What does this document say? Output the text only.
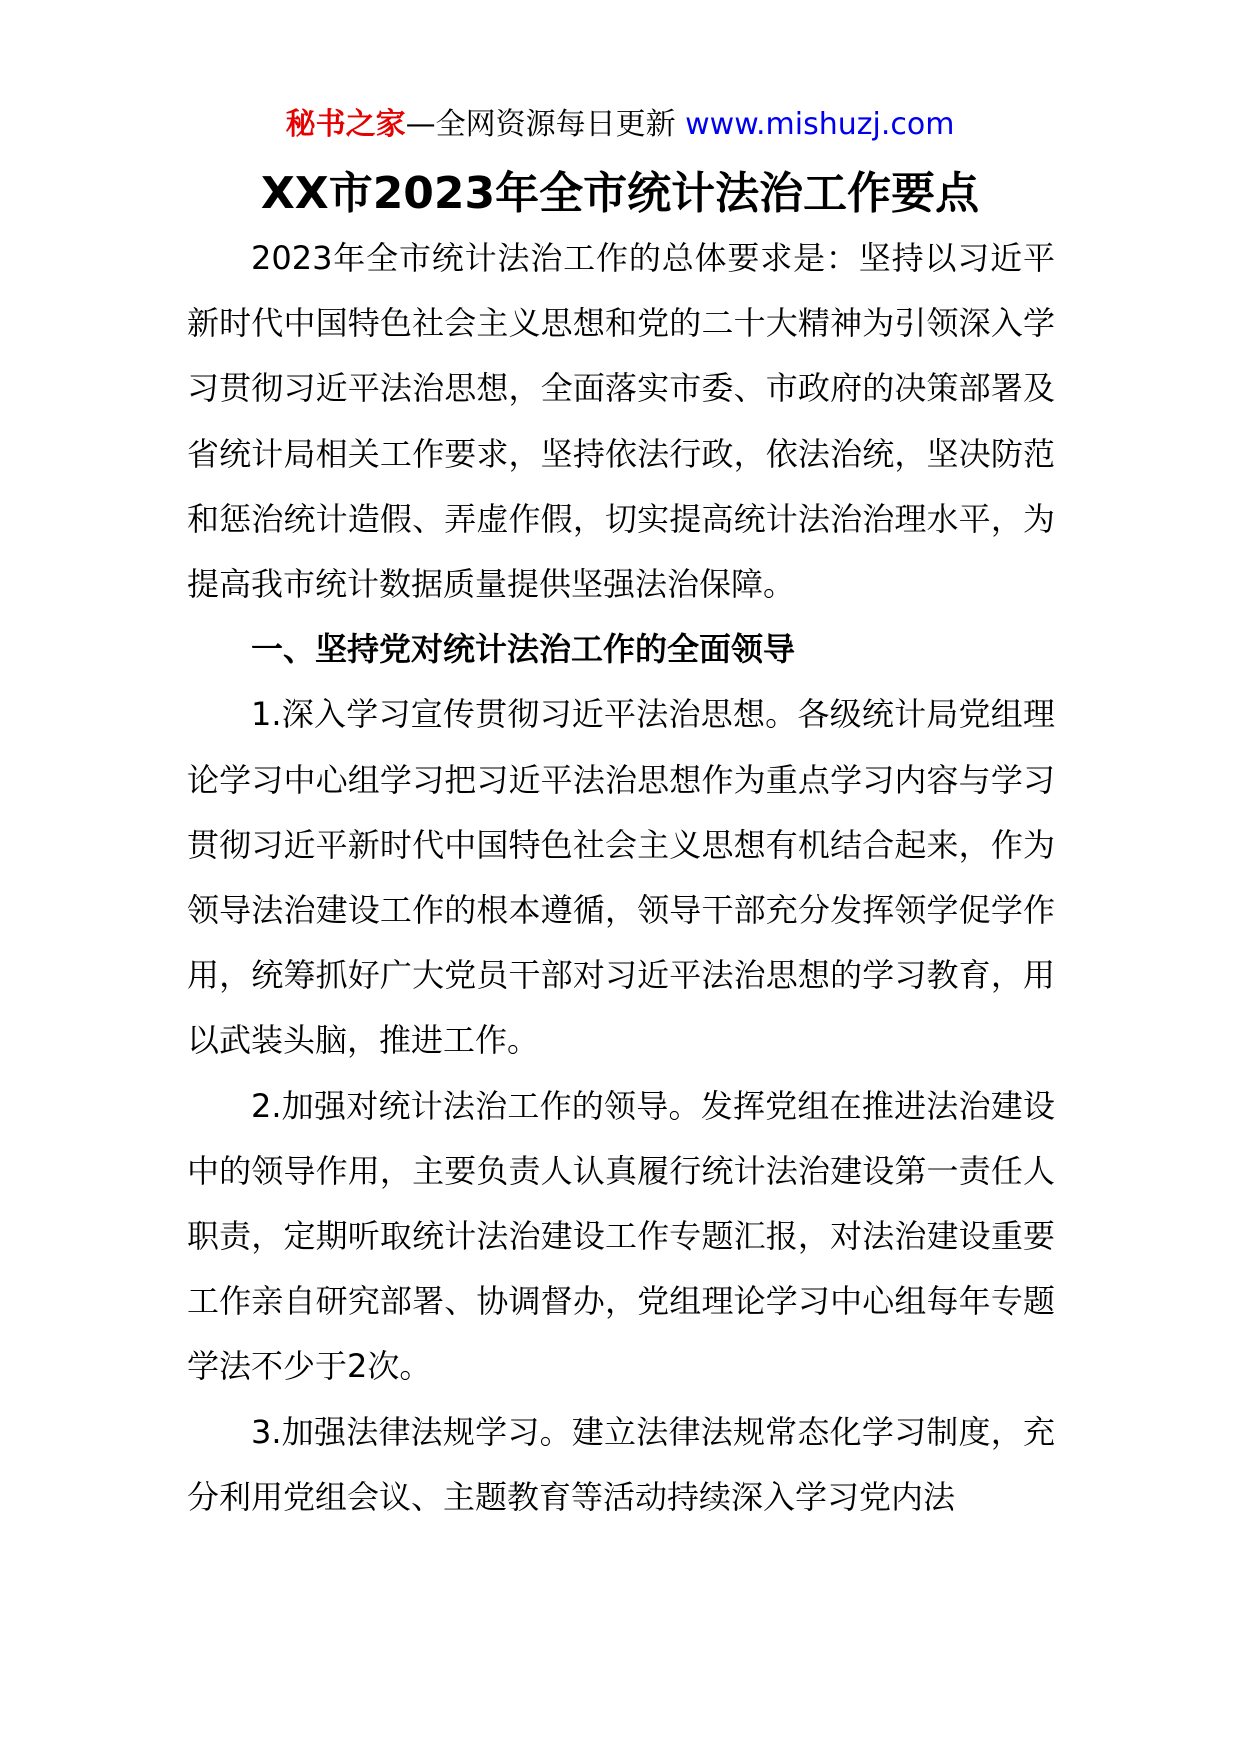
秘书之家—全网资源每日更新 www.mishuzj.com
XX市2023年全市统计法治工作要点

2023年全市统计法治工作的总体要求是：坚持以习近平新时代中国特色社会主义思想和党的二十大精神为引领深入学习贯彻习近平法治思想，全面落实市委、市政府的决策部署及省统计局相关工作要求，坚持依法行政，依法治统，坚决防范和惩治统计造假、弄虚作假，切实提高统计法治治理水平，为提高我市统计数据质量提供坚强法治保障。

一、坚持党对统计法治工作的全面领导

1.深入学习宣传贯彻习近平法治思想。各级统计局党组理论学习中心组学习把习近平法治思想作为重点学习内容与学习贯彻习近平新时代中国特色社会主义思想有机结合起来，作为领导法治建设工作的根本遵循，领导干部充分发挥领学促学作用，统筹抓好广大党员干部对习近平法治思想的学习教育，用以武装头脑，推进工作。

2.加强对统计法治工作的领导。发挥党组在推进法治建设中的领导作用，主要负责人认真履行统计法治建设第一责任人职责，定期听取统计法治建设工作专题汇报，对法治建设重要工作亲自研究部署、协调督办，党组理论学习中心组每年专题学法不少于2次。

3.加强法律法规学习。建立法律法规常态化学习制度，充分利用党组会议、主题教育等活动持续深入学习党内法
